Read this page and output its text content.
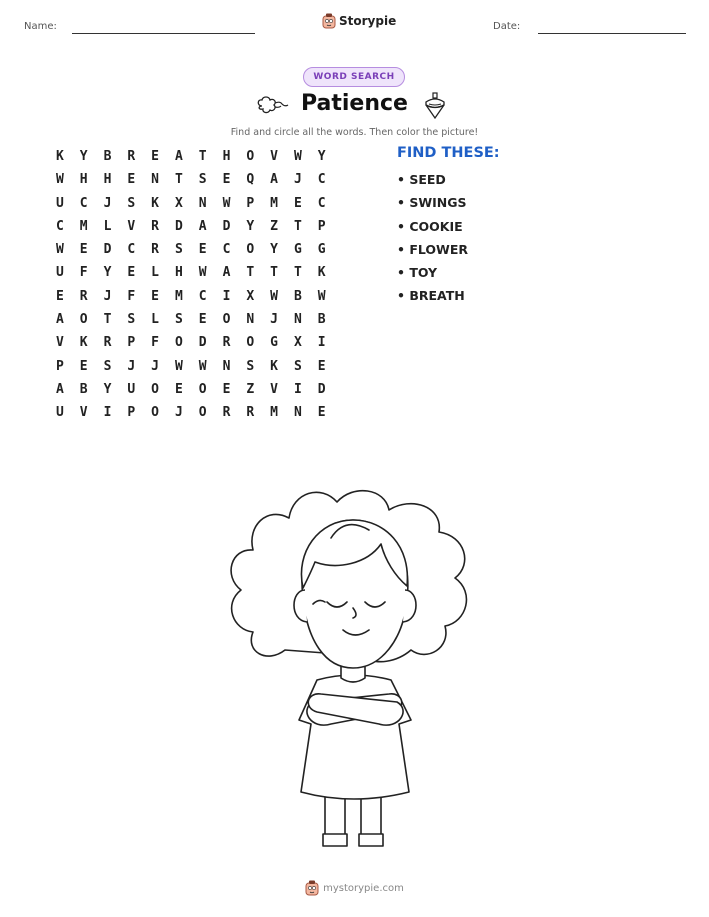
Name:	Storypie	Date:
WORD SEARCH
Patience
Find and circle all the words. Then color the picture!
K	Y	B	R	E	A	T	H	O	V	W	Y
W	H	H	E	N	T	S	E	Q	A	J	C
U	C	J	S	K	X	N	W	P	M	E	C
C	M	L	V	R	D	A	D	Y	Z	T	P
W	E	D	C	R	S	E	C	O	Y	G	G
U	F	Y	E	L	H	W	A	T	T	T	K
E	R	J	F	E	M	C	I	X	W	B	W
A	O	T	S	L	S	E	O	N	J	N	B
V	K	R	P	F	O	D	R	O	G	X	I
P	E	S	J	J	W	W	N	S	K	S	E
A	B	Y	U	O	E	O	E	Z	V	I	D
U	V	I	P	O	J	O	R	R	M	N	E
FIND THESE:
• SEED
• SWINGS
• COOKIE
• FLOWER
• TOY
• BREATH
mystorypie.com
